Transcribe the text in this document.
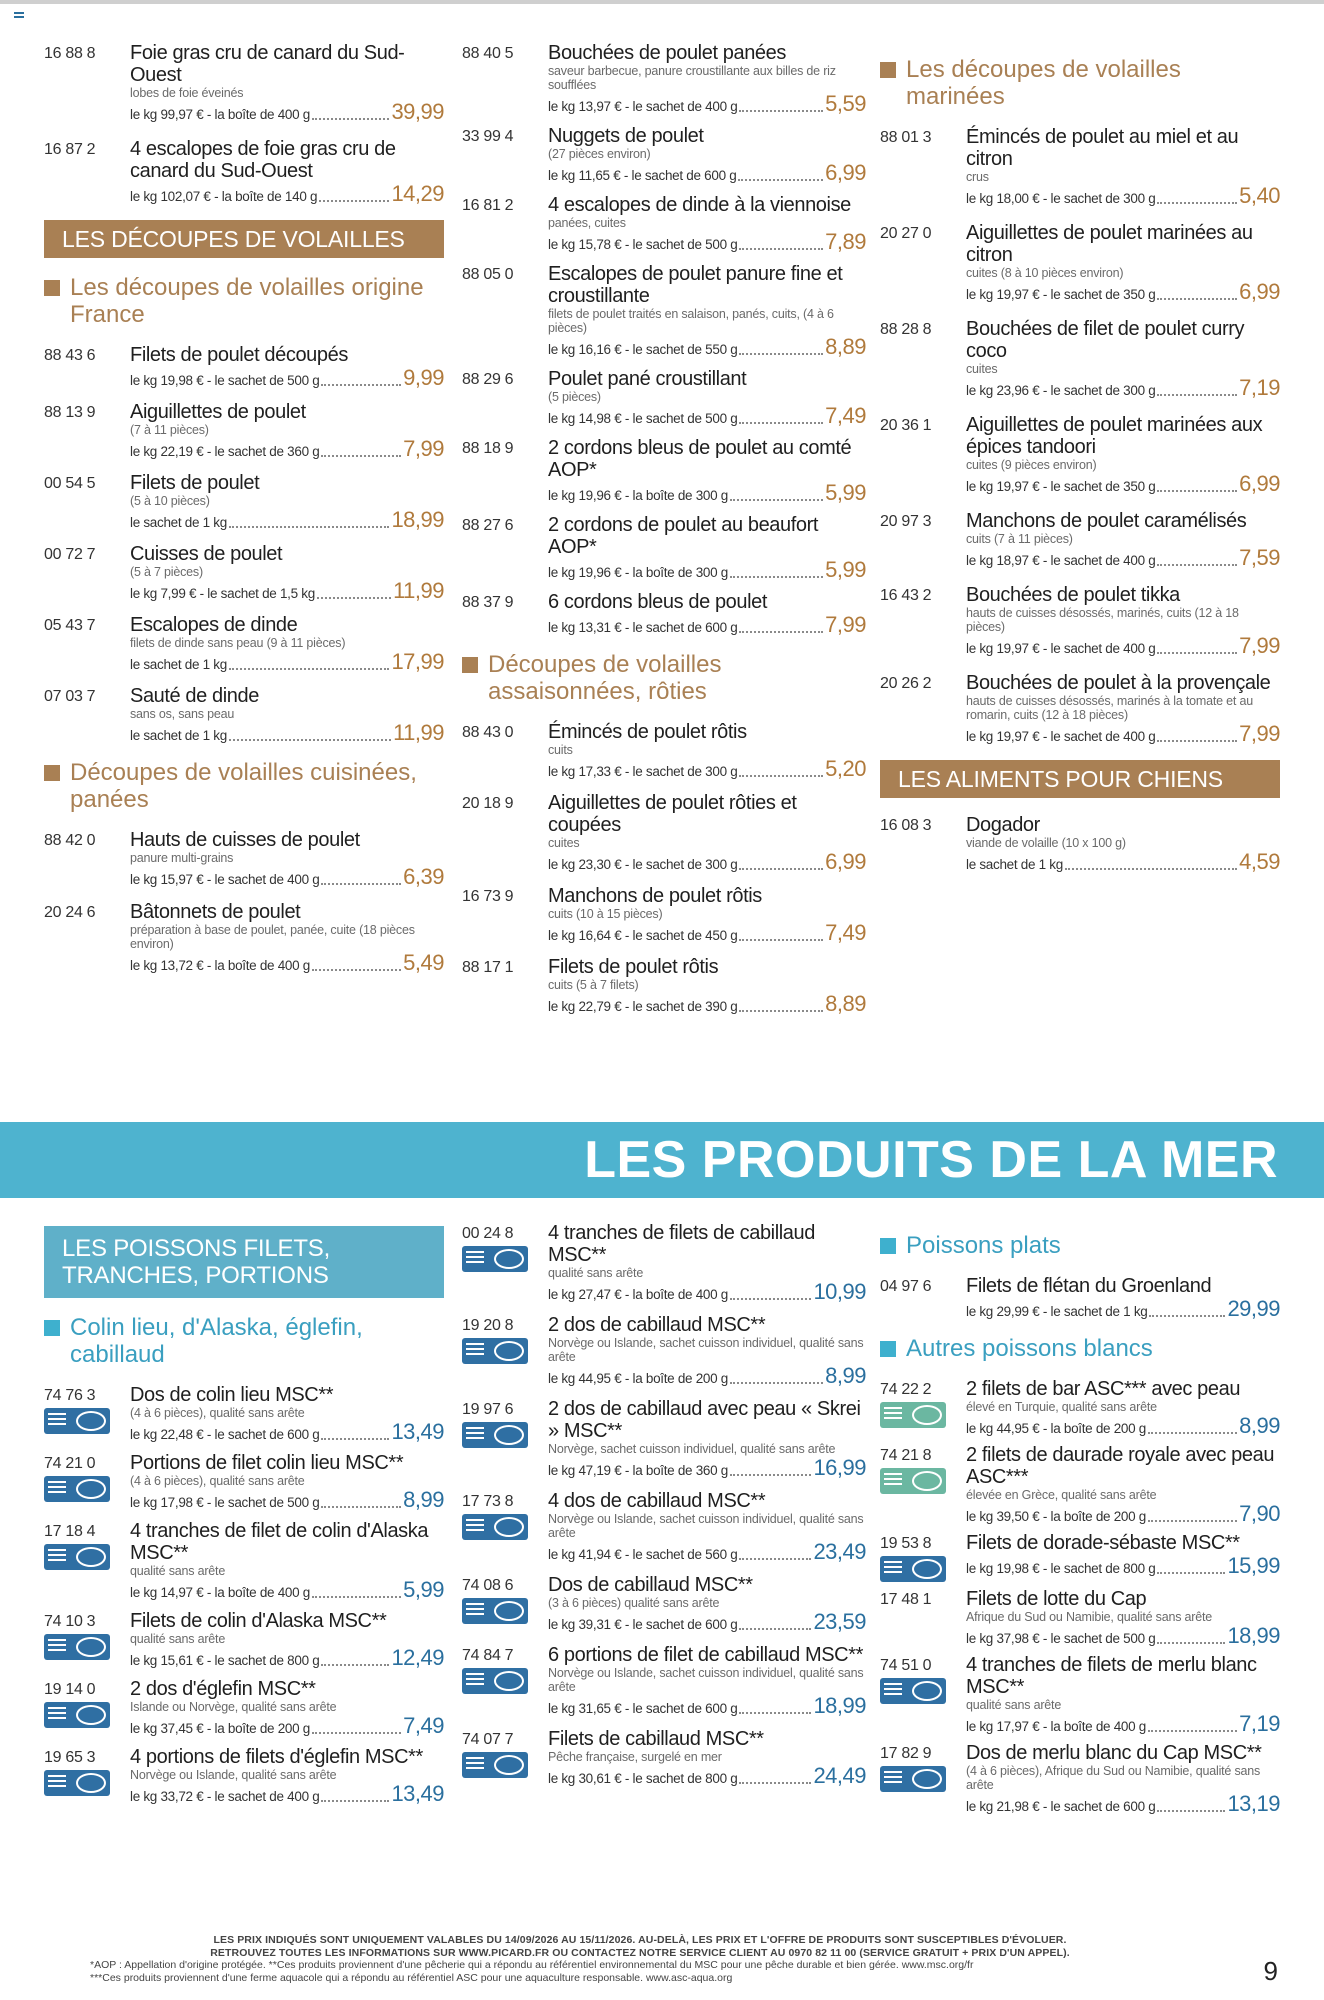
16 88 8	Foie gras cru de canard du Sud-Ouest
lobes de foie éveinés
le kg 99,97 € - la boîte de 400 g	39,99
16 87 2	4 escalopes de foie gras cru de canard du Sud-Ouest
le kg 102,07 € - la boîte de 140 g	14,29
LES DÉCOUPES DE VOLAILLES
Les découpes de volailles origine France
88 43 6	Filets de poulet découpés
le kg 19,98 € - le sachet de 500 g	9,99
88 13 9	Aiguillettes de poulet
(7 à 11 pièces)
le kg 22,19 € - le sachet de 360 g	7,99
00 54 5	Filets de poulet
(5 à 10 pièces)
le sachet de 1 kg	18,99
00 72 7	Cuisses de poulet
(5 à 7 pièces)
le kg 7,99 € - le sachet de 1,5 kg	11,99
05 43 7	Escalopes de dinde
filets de dinde sans peau (9 à 11 pièces)
le sachet de 1 kg	17,99
07 03 7	Sauté de dinde
sans os, sans peau
le sachet de 1 kg	11,99
Découpes de volailles cuisinées, panées
88 42 0	Hauts de cuisses de poulet
panure multi-grains
le kg 15,97 € - le sachet de 400 g	6,39
20 24 6	Bâtonnets de poulet
préparation à base de poulet, panée, cuite (18 pièces environ)
le kg 13,72 € - la boîte de 400 g	5,49
88 40 5	Bouchées de poulet panées
saveur barbecue, panure croustillante aux billes de riz soufflées
le kg 13,97 € - le sachet de 400 g	5,59
33 99 4	Nuggets de poulet
(27 pièces environ)
le kg 11,65 € - le sachet de 600 g	6,99
16 81 2	4 escalopes de dinde à la viennoise
panées, cuites
le kg 15,78 € - le sachet de 500 g	7,89
88 05 0	Escalopes de poulet panure fine et croustillante
filets de poulet traités en salaison, panés, cuits, (4 à 6 pièces)
le kg 16,16 € - le sachet de 550 g	8,89
88 29 6	Poulet pané croustillant
(5 pièces)
le kg 14,98 € - le sachet de 500 g	7,49
88 18 9	2 cordons bleus de poulet au comté AOP*
le kg 19,96 € - la boîte de 300 g	5,99
88 27 6	2 cordons de poulet au beaufort AOP*
le kg 19,96 € - la boîte de 300 g	5,99
88 37 9	6 cordons bleus de poulet
le kg 13,31 € - le sachet de 600 g	7,99
Découpes de volailles assaisonnées, rôties
88 43 0	Émincés de poulet rôtis
cuits
le kg 17,33 € - le sachet de 300 g	5,20
20 18 9	Aiguillettes de poulet rôties et coupées
cuites
le kg 23,30 € - le sachet de 300 g	6,99
16 73 9	Manchons de poulet rôtis
cuits (10 à 15 pièces)
le kg 16,64 € - le sachet de 450 g	7,49
88 17 1	Filets de poulet rôtis
cuits (5 à 7 filets)
le kg 22,79 € - le sachet de 390 g	8,89
Les découpes de volailles marinées
88 01 3	Émincés de poulet au miel et au citron
crus
le kg 18,00 € - le sachet de 300 g	5,40
20 27 0	Aiguillettes de poulet marinées au citron
cuites (8 à 10 pièces environ)
le kg 19,97 € - le sachet de 350 g	6,99
88 28 8	Bouchées de filet de poulet curry coco
cuites
le kg 23,96 € - le sachet de 300 g	7,19
20 36 1	Aiguillettes de poulet marinées aux épices tandoori
cuites (9 pièces environ)
le kg 19,97 € - le sachet de 350 g	6,99
20 97 3	Manchons de poulet caramélisés
cuits (7 à 11 pièces)
le kg 18,97 € - le sachet de 400 g	7,59
16 43 2	Bouchées de poulet tikka
hauts de cuisses désossés, marinés, cuits (12 à 18 pièces)
le kg 19,97 € - le sachet de 400 g	7,99
20 26 2	Bouchées de poulet à la provençale
hauts de cuisses désossés, marinés à la tomate et au romarin, cuits (12 à 18 pièces)
le kg 19,97 € - le sachet de 400 g	7,99
LES ALIMENTS POUR CHIENS
16 08 3	Dogador
viande de volaille (10 x 100 g)
le sachet de 1 kg	4,59
LES PRODUITS DE LA MER
LES POISSONS FILETS, TRANCHES, PORTIONS
Colin lieu, d'Alaska, églefin, cabillaud
74 76 3	Dos de colin lieu MSC**
(4 à 6 pièces), qualité sans arête
le kg 22,48 € - le sachet de 600 g	13,49
74 21 0	Portions de filet colin lieu MSC**
(4 à 6 pièces), qualité sans arête
le kg 17,98 € - le sachet de 500 g	8,99
17 18 4	4 tranches de filet de colin d'Alaska MSC**
qualité sans arête
le kg 14,97 € - la boîte de 400 g	5,99
74 10 3	Filets de colin d'Alaska MSC**
qualité sans arête
le kg 15,61 € - le sachet de 800 g	12,49
19 14 0	2 dos d'églefin MSC**
Islande ou Norvège, qualité sans arête
le kg 37,45 € - la boîte de 200 g	7,49
19 65 3	4 portions de filets d'églefin MSC**
Norvège ou Islande, qualité sans arête
le kg 33,72 € - le sachet de 400 g	13,49
00 24 8	4 tranches de filets de cabillaud MSC**
qualité sans arête
le kg 27,47 € - la boîte de 400 g	10,99
19 20 8	2 dos de cabillaud MSC**
Norvège ou Islande, sachet cuisson individuel, qualité sans arête
le kg 44,95 € - la boîte de 200 g	8,99
19 97 6	2 dos de cabillaud avec peau « Skrei » MSC**
Norvège, sachet cuisson individuel, qualité sans arête
le kg 47,19 € - la boîte de 360 g	16,99
17 73 8	4 dos de cabillaud MSC**
Norvège ou Islande, sachet cuisson individuel, qualité sans arête
le kg 41,94 € - le sachet de 560 g	23,49
74 08 6	Dos de cabillaud MSC**
(3 à 6 pièces) qualité sans arête
le kg 39,31 € - le sachet de 600 g	23,59
74 84 7	6 portions de filet de cabillaud MSC**
Norvège ou Islande, sachet cuisson individuel, qualité sans arête
le kg 31,65 € - le sachet de 600 g	18,99
74 07 7	Filets de cabillaud MSC**
Pêche française, surgelé en mer
le kg 30,61 € - le sachet de 800 g	24,49
Poissons plats
04 97 6	Filets de flétan du Groenland
le kg 29,99 € - le sachet de 1 kg	29,99
Autres poissons blancs
74 22 2	2 filets de bar ASC*** avec peau
élevé en Turquie, qualité sans arête
le kg 44,95 € - la boîte de 200 g	8,99
74 21 8	2 filets de daurade royale avec peau ASC***
élevée en Grèce, qualité sans arête
le kg 39,50 € - la boîte de 200 g	7,90
19 53 8	Filets de dorade-sébaste MSC**
le kg 19,98 € - le sachet de 800 g	15,99
17 48 1	Filets de lotte du Cap
Afrique du Sud ou Namibie, qualité sans arête
le kg 37,98 € - le sachet de 500 g	18,99
74 51 0	4 tranches de filets de merlu blanc MSC**
qualité sans arête
le kg 17,97 € - la boîte de 400 g	7,19
17 82 9	Dos de merlu blanc du Cap MSC**
(4 à 6 pièces), Afrique du Sud ou Namibie, qualité sans arête
le kg 21,98 € - le sachet de 600 g	13,19
LES PRIX INDIQUÉS SONT UNIQUEMENT VALABLES DU 14/09/2026 AU 15/11/2026. AU-DELÀ, LES PRIX ET L'OFFRE DE PRODUITS SONT SUSCEPTIBLES D'ÉVOLUER.
RETROUVEZ TOUTES LES INFORMATIONS SUR WWW.PICARD.FR OU CONTACTEZ NOTRE SERVICE CLIENT AU 0970 82 11 00 (SERVICE GRATUIT + PRIX D'UN APPEL).
*AOP : Appellation d'origine protégée. **Ces produits proviennent d'une pêcherie qui a répondu au référentiel environnemental du MSC pour une pêche durable et bien gérée. www.msc.org/fr
***Ces produits proviennent d'une ferme aquacole qui a répondu au référentiel ASC pour une aquaculture responsable. www.asc-aqua.org	9
